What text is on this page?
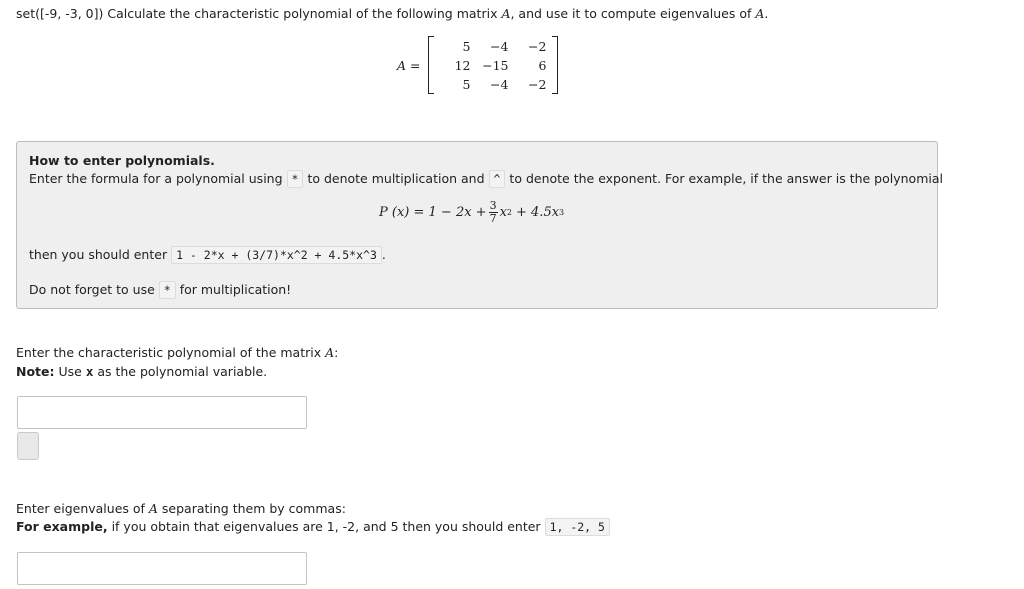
set([-9, -3, 0]) Calculate the characteristic polynomial of the following matrix A, and use it to compute eigenvalues of A.
A =
5	−4	−2
12	−15	6
5	−4	−2
How to enter polynomials.
Enter the formula for a polynomial using * to denote multiplication and ^ to denote the exponent. For example, if the answer is the polynomial
P $(x) = 1 - 2x + \frac{3}{7}$ x 2 + 4.5x 3
then you should enter 1 - 2*x + (3/7)*x^2 + 4.5*x^3 .
Do not forget to use * for multiplication!
Enter the characteristic polynomial of the matrix A:
Note: Use x as the polynomial variable.
Enter eigenvalues of A separating them by commas:
For example, if you obtain that eigenvalues are 1, -2, and 5 then you should enter 1, -2, 5
